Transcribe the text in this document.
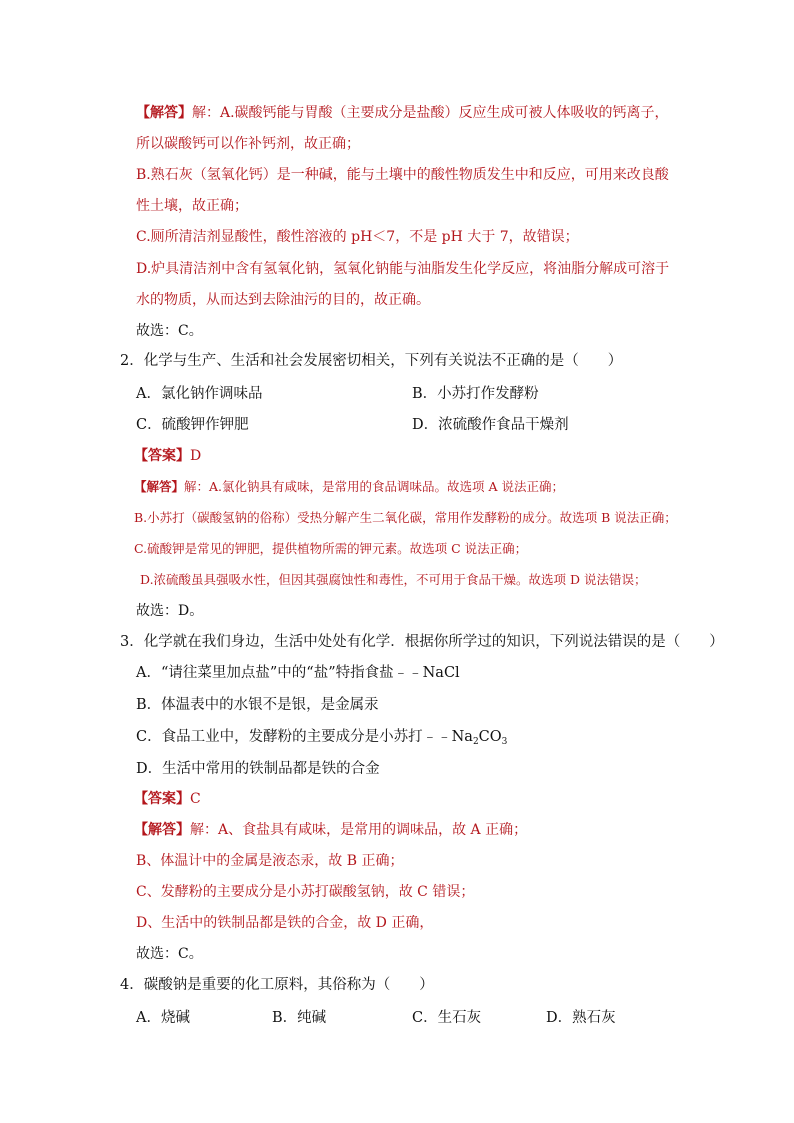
【解答】解：A.碳酸钙能与胃酸（主要成分是盐酸）反应生成可被人体吸收的钙离子，
所以碳酸钙可以作补钙剂，故正确；
B.熟石灰（氢氧化钙）是一种碱，能与土壤中的酸性物质发生中和反应，可用来改良酸
性土壤，故正确；
C.厕所清洁剂显酸性，酸性溶液的 pH＜7，不是 pH 大于 7，故错误；
D.炉具清洁剂中含有氢氧化钠，氢氧化钠能与油脂发生化学反应，将油脂分解成可溶于
水的物质，从而达到去除油污的目的，故正确。
故选：C。
2．化学与生产、生活和社会发展密切相关，下列有关说法不正确的是（　　）
A．氯化钠作调味品	B．小苏打作发酵粉
C．硫酸钾作钾肥	D．浓硫酸作食品干燥剂
【答案】D
【解答】解：A.氯化钠具有咸味，是常用的食品调味品。故选项 A 说法正确；
B.小苏打（碳酸氢钠的俗称）受热分解产生二氧化碳，常用作发酵粉的成分。故选项 B 说法正确；
C.硫酸钾是常见的钾肥，提供植物所需的钾元素。故选项 C 说法正确；
D.浓硫酸虽具强吸水性，但因其强腐蚀性和毒性，不可用于食品干燥。故选项 D 说法错误；
故选：D。
3．化学就在我们身边，生活中处处有化学．根据你所学过的知识，下列说法错误的是（　　）
A．“请往菜里加点盐”中的“盐”特指食盐﹣﹣NaCl
B．体温表中的水银不是银，是金属汞
C．食品工业中，发酵粉的主要成分是小苏打$﹣﹣Na_2CO_3$
D．生活中常用的铁制品都是铁的合金
【答案】C
【解答】解：A、食盐具有咸味，是常用的调味品，故 A 正确；
B、体温计中的金属是液态汞，故 B 正确；
C、发酵粉的主要成分是小苏打碳酸氢钠，故 C 错误；
D、生活中的铁制品都是铁的合金，故 D 正确，
故选：C。
4．碳酸钠是重要的化工原料，其俗称为（　　）
A．烧碱	B．纯碱	C．生石灰	D．熟石灰
